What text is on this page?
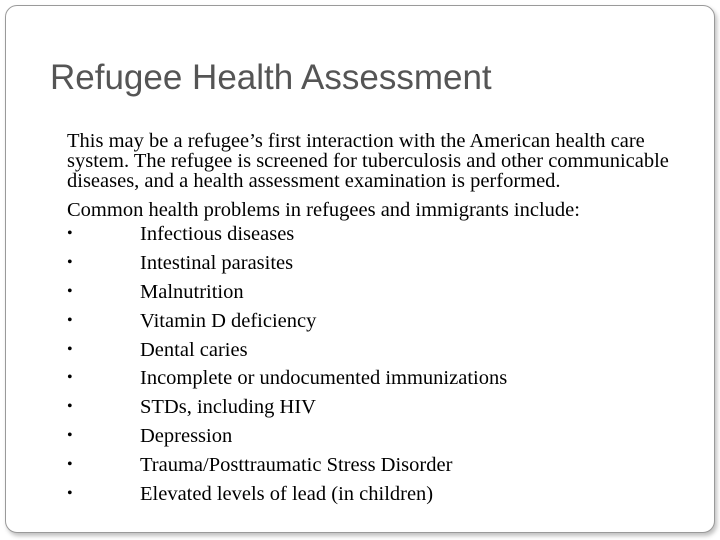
Refugee Health Assessment
This may be a refugee’s first interaction with the American health care system. The refugee is screened for tuberculosis and other communicable diseases, and a health assessment examination is performed.
Common health problems in refugees and immigrants include:
•	Infectious diseases
•	Intestinal parasites
•	Malnutrition
•	Vitamin D deficiency
•	Dental caries
•	Incomplete or undocumented immunizations
•	STDs, including HIV
•	Depression
•	Trauma/Posttraumatic Stress Disorder
•	Elevated levels of lead (in children)
